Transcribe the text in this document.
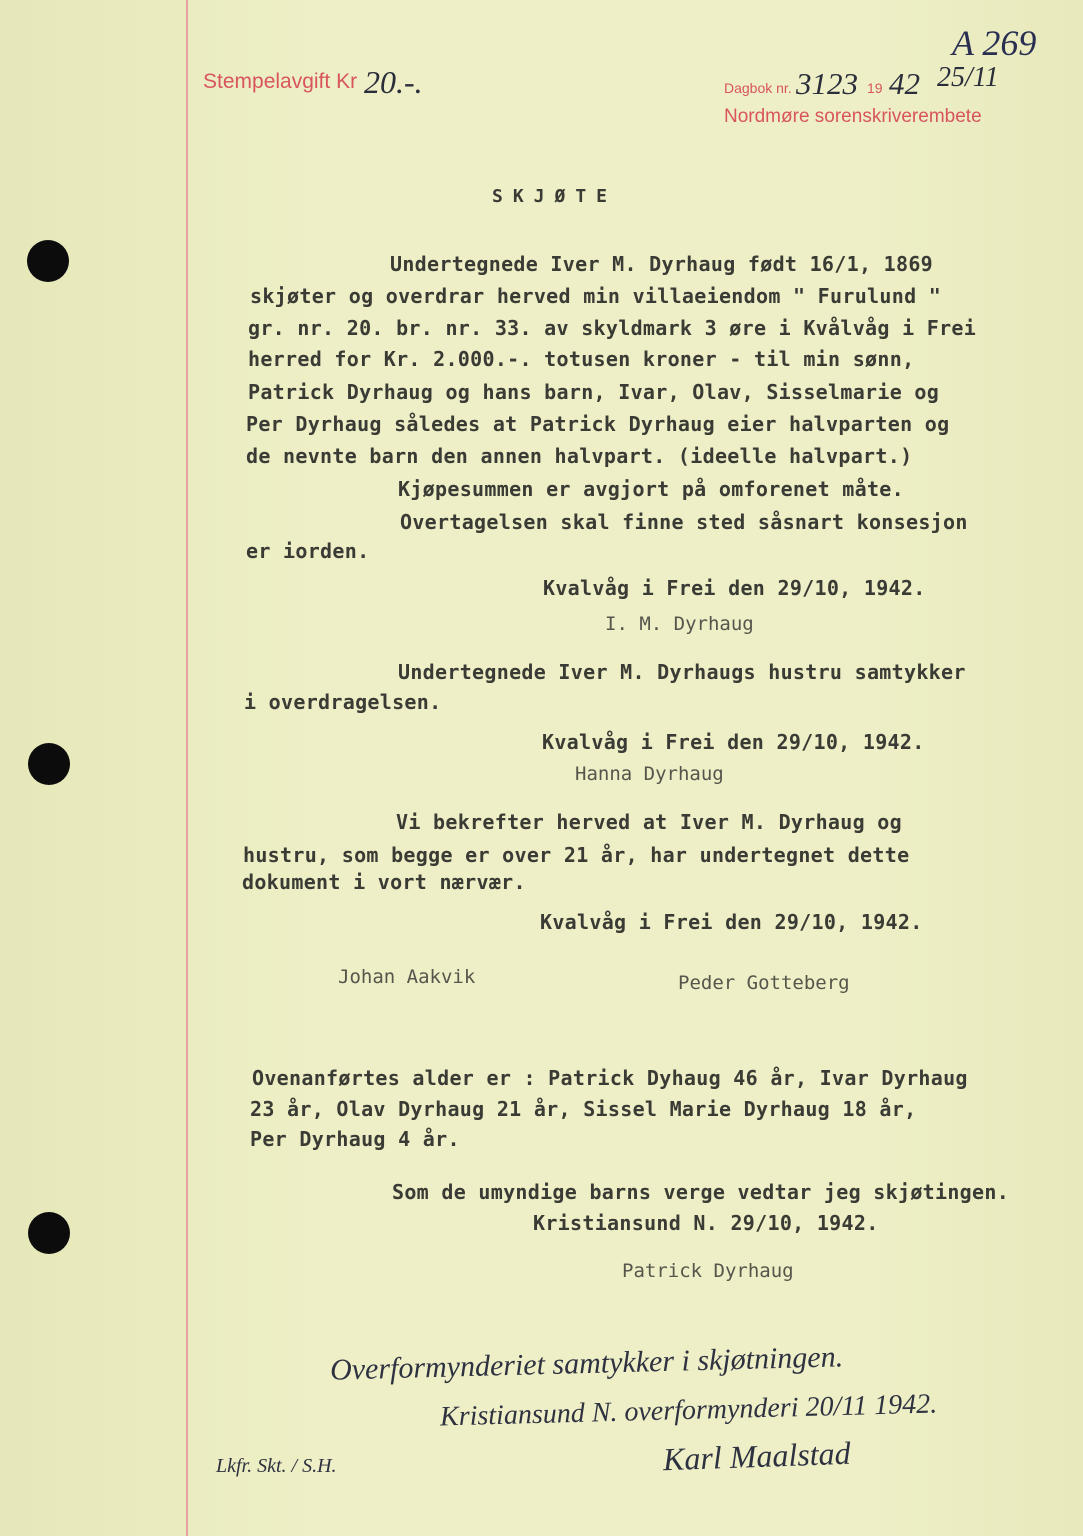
Stempelavgift Kr 20.-.	Dagbok nr. 3123 19 42 25/11
Nordmøre sorenskriverembete
A 269
SKJØTE
Undertegnede Iver M. Dyrhaug født 16/1, 1869
skjøter og overdrar herved min villaeiendom " Furulund "
gr. nr. 20. br. nr. 33. av skyldmark 3 øre i Kvålvåg i Frei
herred for Kr. 2.000.-. totusen kroner - til min sønn,
Patrick Dyrhaug og hans barn, Ivar, Olav, Sisselmarie og
Per Dyrhaug således at Patrick Dyrhaug eier halvparten og
de nevnte barn den annen halvpart. (ideelle halvpart.)
Kjøpesummen er avgjort på omforenet måte.
Overtagelsen skal finne sted såsnart konsesjon
er iorden.
Kvalvåg i Frei den 29/10, 1942.
I. M. Dyrhaug
Undertegnede Iver M. Dyrhaugs hustru samtykker
i overdragelsen.
Kvalvåg i Frei den 29/10, 1942.
Hanna Dyrhaug
Vi bekrefter herved at Iver M. Dyrhaug og
hustru, som begge er over 21 år, har undertegnet dette
dokument i vort nærvær.
Kvalvåg i Frei den 29/10, 1942.
Johan Aakvik	Peder Gotteberg
Ovenanførtes alder er : Patrick Dyhaug 46 år, Ivar Dyrhaug
23 år, Olav Dyrhaug 21 år, Sissel Marie Dyrhaug 18 år,
Per Dyrhaug 4 år.
Som de umyndige barns verge vedtar jeg skjøtingen.
Kristiansund N. 29/10, 1942.
Patrick Dyrhaug
Overformynderiet samtykker i skjøtningen.
Kristiansund N. overformynderi 20/11 1942.
Karl Maalstad
Lkfr. Skt. / S.H.
